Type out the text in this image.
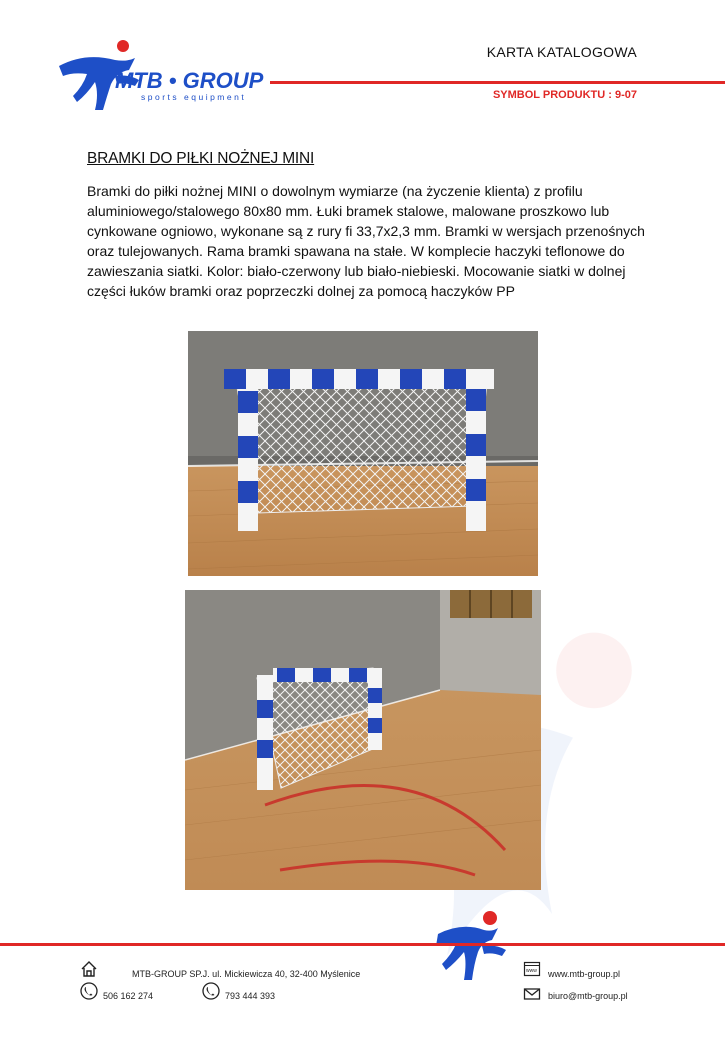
MTB • GROUP
sports equipment
KARTA KATALOGOWA
SYMBOL PRODUKTU : 9-07
BRAMKI DO PIŁKI NOŻNEJ MINI

Bramki do piłki nożnej MINI o dowolnym wymiarze (na życzenie klienta) z profilu aluminiowego/stalowego 80x80 mm. Łuki bramek stalowe, malowane proszkowo lub cynkowane ogniowo, wykonane są z rury fi 33,7x2,3 mm. Bramki w wersjach przenośnych oraz tulejowanych. Rama bramki spawana na stałe. W komplecie haczyki teflonowe do zawieszania siatki. Kolor: biało-czerwony lub biało-niebieski. Mocowanie siatki w dolnej części łuków bramki oraz poprzeczki dolnej za pomocą haczyków PP

MTB-GROUP SP.J. ul. Mickiewicza 40, 32-400 Myślenice
506 162 274	793 444 393
www www.mtb-group.pl
biuro@mtb-group.pl
